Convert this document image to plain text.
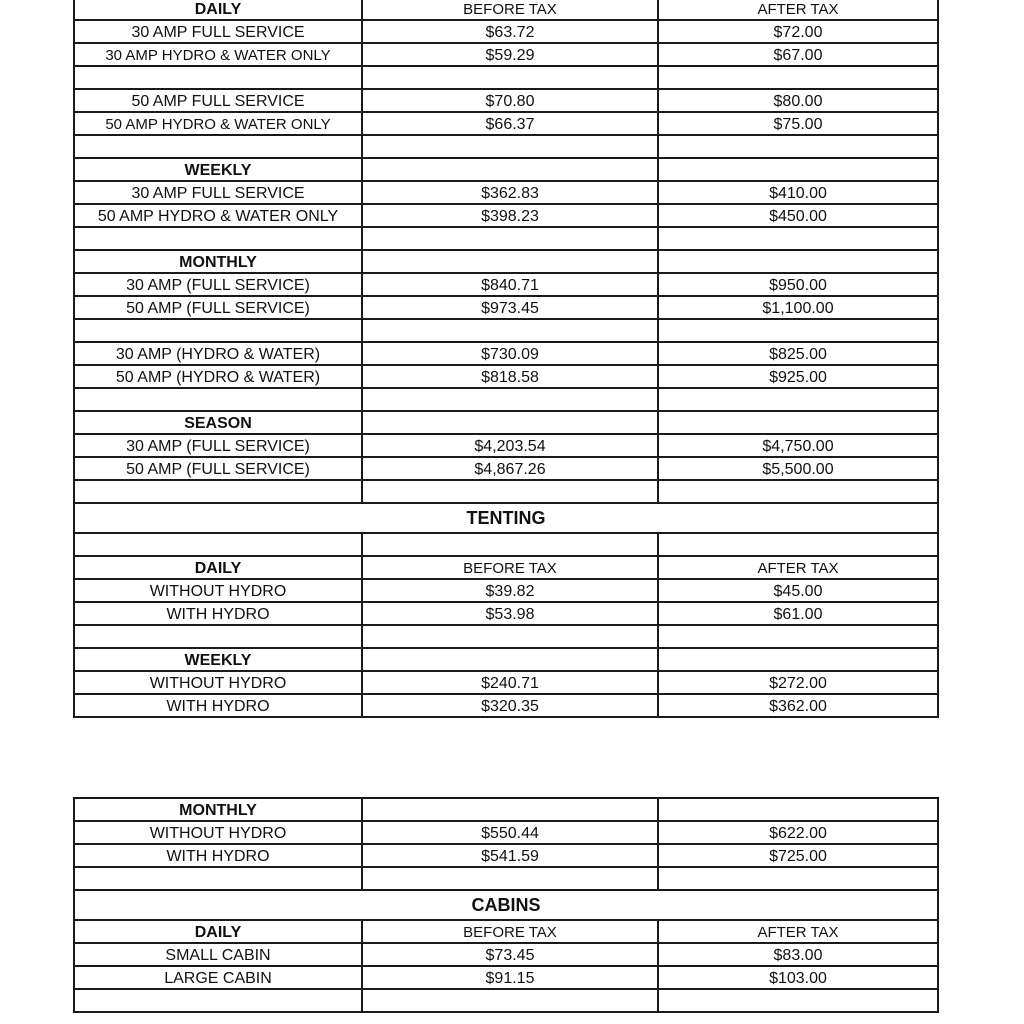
DAILY	BEFORE TAX	AFTER TAX
30 AMP FULL SERVICE	$63.72	$72.00
30 AMP HYDRO & WATER ONLY	$59.29	$67.00

50 AMP FULL SERVICE	$70.80	$80.00
50 AMP HYDRO & WATER ONLY	$66.37	$75.00

WEEKLY		
30 AMP FULL SERVICE	$362.83	$410.00
50 AMP HYDRO & WATER ONLY	$398.23	$450.00

MONTHLY		
30 AMP (FULL SERVICE)	$840.71	$950.00
50 AMP (FULL SERVICE)	$973.45	$1,100.00

30 AMP (HYDRO & WATER)	$730.09	$825.00
50 AMP (HYDRO & WATER)	$818.58	$925.00

SEASON		
30 AMP (FULL SERVICE)	$4,203.54	$4,750.00
50 AMP (FULL SERVICE)	$4,867.26	$5,500.00

TENTING		

DAILY	BEFORE TAX	AFTER TAX
WITHOUT HYDRO	$39.82	$45.00
WITH HYDRO	$53.98	$61.00

WEEKLY		
WITHOUT HYDRO	$240.71	$272.00
WITH HYDRO	$320.35	$362.00
MONTHLY		
WITHOUT HYDRO	$550.44	$622.00
WITH HYDRO	$541.59	$725.00

CABINS		
DAILY	BEFORE TAX	AFTER TAX
SMALL CABIN	$73.45	$83.00
LARGE CABIN	$91.15	$103.00
